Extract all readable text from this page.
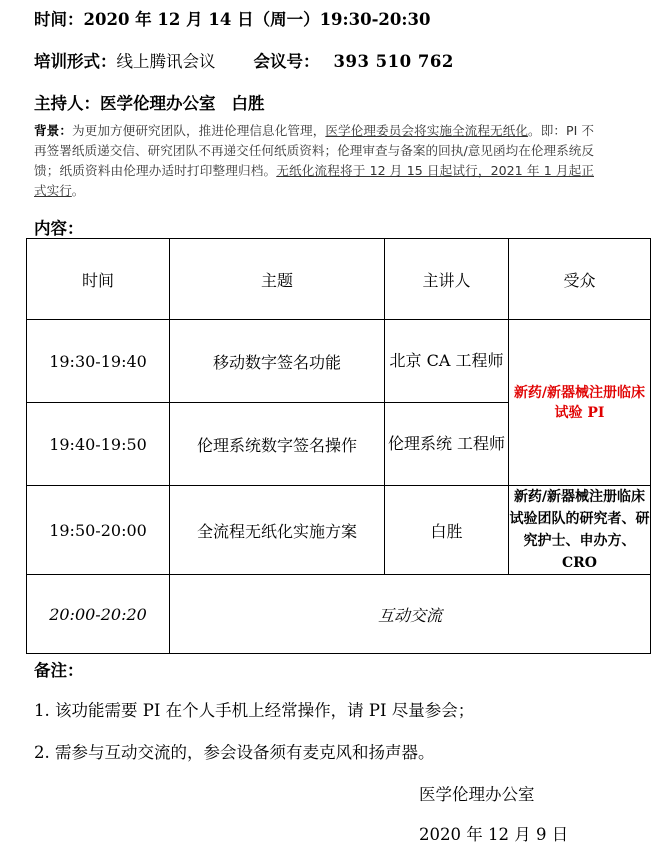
时间：2020 年 12 月 14 日（周一）19:30-20:30
培训形式：线上腾讯会议 会议号： 393 510 762
主持人：医学伦理办公室 白胜
背景：为更加方便研究团队，推进伦理信息化管理，医学伦理委员会将实施全流程无纸化。即：PI 不再签署纸质递交信、研究团队不再递交任何纸质资料；伦理审查与备案的回执/意见函均在伦理系统反馈；纸质资料由伦理办适时打印整理归档。无纸化流程将于 12 月 15 日起试行，2021 年 1 月起正式实行。
内容：
时间	主题	主讲人	受众
19:30-19:40	移动数字签名功能	北京 CA 工程师	新药/新器械注册临床试验 PI
19:40-19:50	伦理系统数字签名操作	伦理系统 工程师	
19:50-20:00	全流程无纸化实施方案	白胜	新药/新器械注册临床试验团队的研究者、研究护士、申办方、CRO
20:00-20:20	互动交流		
备注：
1. 该功能需要 PI 在个人手机上经常操作，请 PI 尽量参会；
2. 需参与互动交流的，参会设备须有麦克风和扬声器。
医学伦理办公室
2020 年 12 月 9 日
